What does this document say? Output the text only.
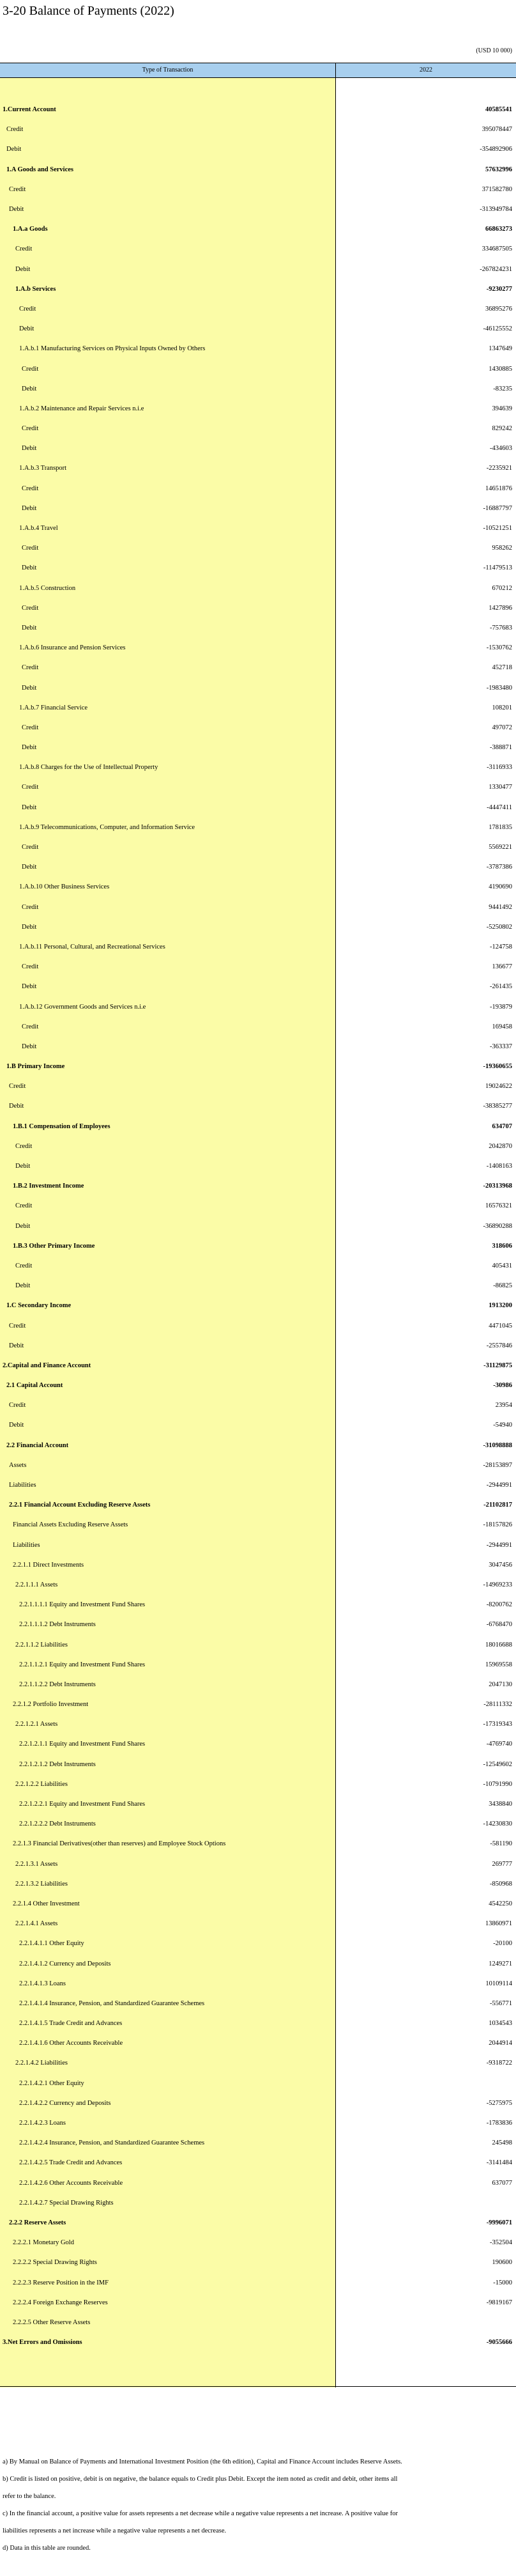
3-20 Balance of Payments (2022)
(USD 10 000)
Type of Transaction	2022
1.Current Account	40585541
Credit	395078447
Debit	-354892906
1.A Goods and Services	57632996
Credit	371582780
Debit	-313949784
1.A.a Goods	66863273
Credit	334687505
Debit	-267824231
1.A.b Services	-9230277
Credit	36895276
Debit	-46125552
1.A.b.1 Manufacturing Services on Physical Inputs Owned by Others	1347649
Credit	1430885
Debit	-83235
1.A.b.2 Maintenance and Repair Services n.i.e	394639
Credit	829242
Debit	-434603
1.A.b.3 Transport	-2235921
Credit	14651876
Debit	-16887797
1.A.b.4 Travel	-10521251
Credit	958262
Debit	-11479513
1.A.b.5 Construction	670212
Credit	1427896
Debit	-757683
1.A.b.6 Insurance and Pension Services	-1530762
Credit	452718
Debit	-1983480
1.A.b.7 Financial Service	108201
Credit	497072
Debit	-388871
1.A.b.8 Charges for the Use of Intellectual Property	-3116933
Credit	1330477
Debit	-4447411
1.A.b.9 Telecommunications, Computer, and Information Service	1781835
Credit	5569221
Debit	-3787386
1.A.b.10 Other Business Services	4190690
Credit	9441492
Debit	-5250802
1.A.b.11 Personal, Cultural, and Recreational Services	-124758
Credit	136677
Debit	-261435
1.A.b.12 Government Goods and Services n.i.e	-193879
Credit	169458
Debit	-363337
1.B Primary Income	-19360655
Credit	19024622
Debit	-38385277
1.B.1 Compensation of Employees	634707
Credit	2042870
Debit	-1408163
1.B.2 Investment Income	-20313968
Credit	16576321
Debit	-36890288
1.B.3 Other Primary Income	318606
Credit	405431
Debit	-86825
1.C Secondary Income	1913200
Credit	4471045
Debit	-2557846
2.Capital and Finance Account	-31129875
2.1 Capital Account	-30986
Credit	23954
Debit	-54940
2.2 Financial Account	-31098888
Assets	-28153897
Liabilities	-2944991
2.2.1 Financial Account Excluding Reserve Assets	-21102817
Financial Assets Excluding Reserve Assets	-18157826
Liabilities	-2944991
2.2.1.1 Direct Investments	3047456
2.2.1.1.1 Assets	-14969233
2.2.1.1.1.1 Equity and Investment Fund Shares	-8200762
2.2.1.1.1.2 Debt Instruments	-6768470
2.2.1.1.2 Liabilities	18016688
2.2.1.1.2.1 Equity and Investment Fund Shares	15969558
2.2.1.1.2.2 Debt Instruments	2047130
2.2.1.2 Portfolio Investment	-28111332
2.2.1.2.1 Assets	-17319343
2.2.1.2.1.1 Equity and Investment Fund Shares	-4769740
2.2.1.2.1.2 Debt Instruments	-12549602
2.2.1.2.2 Liabilities	-10791990
2.2.1.2.2.1 Equity and Investment Fund Shares	3438840
2.2.1.2.2.2 Debt Instruments	-14230830
2.2.1.3 Financial Derivatives(other than reserves) and Employee Stock Options	-581190
2.2.1.3.1 Assets	269777
2.2.1.3.2 Liabilities	-850968
2.2.1.4 Other Investment	4542250
2.2.1.4.1 Assets	13860971
2.2.1.4.1.1 Other Equity	-20100
2.2.1.4.1.2 Currency and Deposits	1249271
2.2.1.4.1.3 Loans	10109114
2.2.1.4.1.4 Insurance, Pension, and Standardized Guarantee Schemes	-556771
2.2.1.4.1.5 Trade Credit and Advances	1034543
2.2.1.4.1.6 Other Accounts Receivable	2044914
2.2.1.4.2 Liabilities	-9318722
2.2.1.4.2.1 Other Equity
2.2.1.4.2.2 Currency and Deposits	-5275975
2.2.1.4.2.3 Loans	-1783836
2.2.1.4.2.4 Insurance, Pension, and Standardized Guarantee Schemes	245498
2.2.1.4.2.5 Trade Credit and Advances	-3141484
2.2.1.4.2.6 Other Accounts Receivable	637077
2.2.1.4.2.7 Special Drawing Rights
2.2.2 Reserve Assets	-9996071
2.2.2.1 Monetary Gold	-352504
2.2.2.2 Special Drawing Rights	190600
2.2.2.3 Reserve Position in the IMF	-15000
2.2.2.4 Foreign Exchange Reserves	-9819167
2.2.2.5 Other Reserve Assets
3.Net Errors and Omissions	-9055666
a) By Manual on Balance of Payments and International Investment Position (the 6th edition), Capital and Finance Account includes Reserve Assets.
b) Credit is listed on positive, debit is on negative, the balance equals to Credit plus Debit. Except the item noted as credit and debit, other items all
refer to the balance.
c) In the financial account, a positive value for assets represents a net decrease while a negative value represents a net increase. A positive value for
liabilities represents a net increase while a negative value represents a net decrease.
d) Data in this table are rounded.
